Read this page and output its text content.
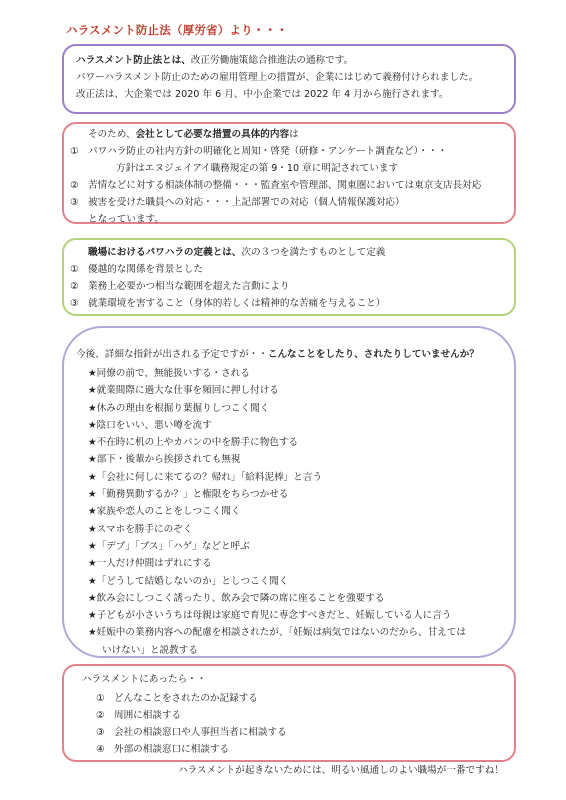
ハラスメント防止法（厚労省）より・・・
ハラスメント防止法とは、改正労働施策総合推進法の通称です。
パワーハラスメント防止のための雇用管理上の措置が、企業にはじめて義務付けられました。
改正法は、大企業では 2020 年 6 月、中小企業では 2022 年 4 月から施行されます。
そのため、会社として必要な措置の具体的内容は
① パワハラ防止の社内方針の明確化と周知・啓発（研修・アンケート調査など）・・・
方針はエヌジェイアイ職務規定の第 9・10 章に明記されています
② 苦情などに対する相談体制の整備・・・監査室や管理部、関東圏においては東京支店長対応
③ 被害を受けた職員への対応・・・上記部署での対応（個人情報保護対応）
となっています。
職場におけるパワハラの定義とは、次の３つを満たすものとして定義
① 優越的な関係を背景とした
② 業務上必要かつ相当な範囲を超えた言動により
③ 就業環境を害すること（身体的若しくは精神的な苦痛を与えること）
今後、詳細な指針が出される予定ですが・・こんなことをしたり、されたりしていませんか？
★同僚の前で、無能扱いする・される
★就業間際に過大な仕事を頻回に押し付ける
★休みの理由を根掘り葉掘りしつこく聞く
★陰口をいい、悪い噂を流す
★不在時に机の上やカバンの中を勝手に物色する
★部下・後輩から挨拶されても無視
★「会社に何しに来てるの？帰れ」「給料泥棒」と言う
★「勤務異動するか？」と権限をちらつかせる
★家族や恋人のことをしつこく聞く
★スマホを勝手にのぞく
★「デブ」「ブス」「ハゲ」などと呼ぶ
★一人だけ仲間はずれにする
★「どうして結婚しないのか」としつこく聞く
★飲み会にしつこく誘ったり、飲み会で隣の席に座ることを強要する
★子どもが小さいうちは母親は家庭で育児に専念すべきだと、妊娠している人に言う
★妊娠中の業務内容への配慮を相談されたが、「妊娠は病気ではないのだから、甘えては
いけない」と説教する
ハラスメントにあったら・・
① どんなことをされたのか記録する
② 周囲に相談する
③ 会社の相談窓口や人事担当者に相談する
④ 外部の相談窓口に相談する
ハラスメントが起きないためには、明るい風通しのよい職場が一番ですね！
